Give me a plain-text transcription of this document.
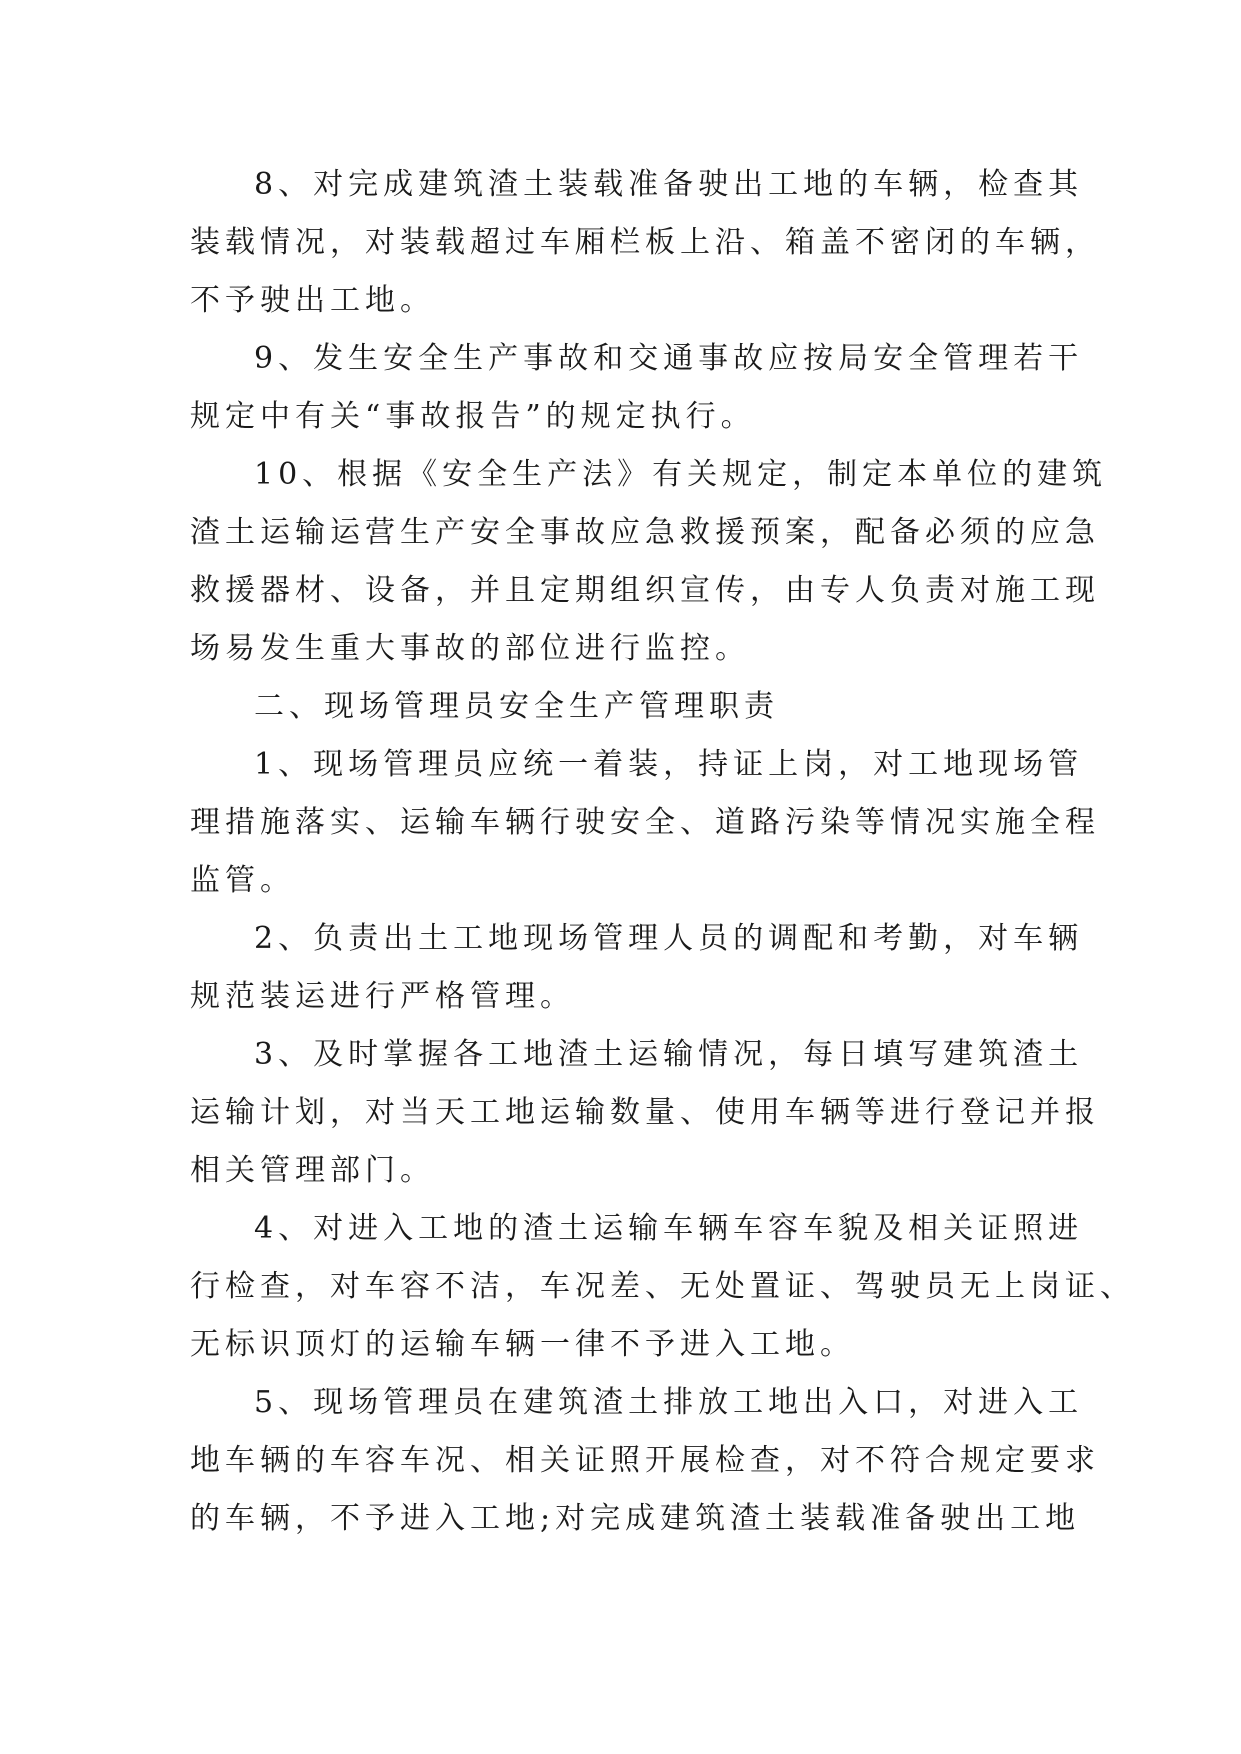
8、对完成建筑渣土装载准备驶出工地的车辆，检查其
装载情况，对装载超过车厢栏板上沿、箱盖不密闭的车辆，
不予驶出工地。
9、发生安全生产事故和交通事故应按局安全管理若干
规定中有关“事故报告”的规定执行。
10、根据《安全生产法》有关规定，制定本单位的建筑
渣土运输运营生产安全事故应急救援预案，配备必须的应急
救援器材、设备，并且定期组织宣传，由专人负责对施工现
场易发生重大事故的部位进行监控。
二、现场管理员安全生产管理职责
1、现场管理员应统一着装，持证上岗，对工地现场管
理措施落实、运输车辆行驶安全、道路污染等情况实施全程
监管。
2、负责出土工地现场管理人员的调配和考勤，对车辆
规范装运进行严格管理。
3、及时掌握各工地渣土运输情况，每日填写建筑渣土
运输计划，对当天工地运输数量、使用车辆等进行登记并报
相关管理部门。
4、对进入工地的渣土运输车辆车容车貌及相关证照进
行检查，对车容不洁，车况差、无处置证、驾驶员无上岗证、
无标识顶灯的运输车辆一律不予进入工地。
5、现场管理员在建筑渣土排放工地出入口，对进入工
地车辆的车容车况、相关证照开展检查，对不符合规定要求
的车辆，不予进入工地;对完成建筑渣土装载准备驶出工地
